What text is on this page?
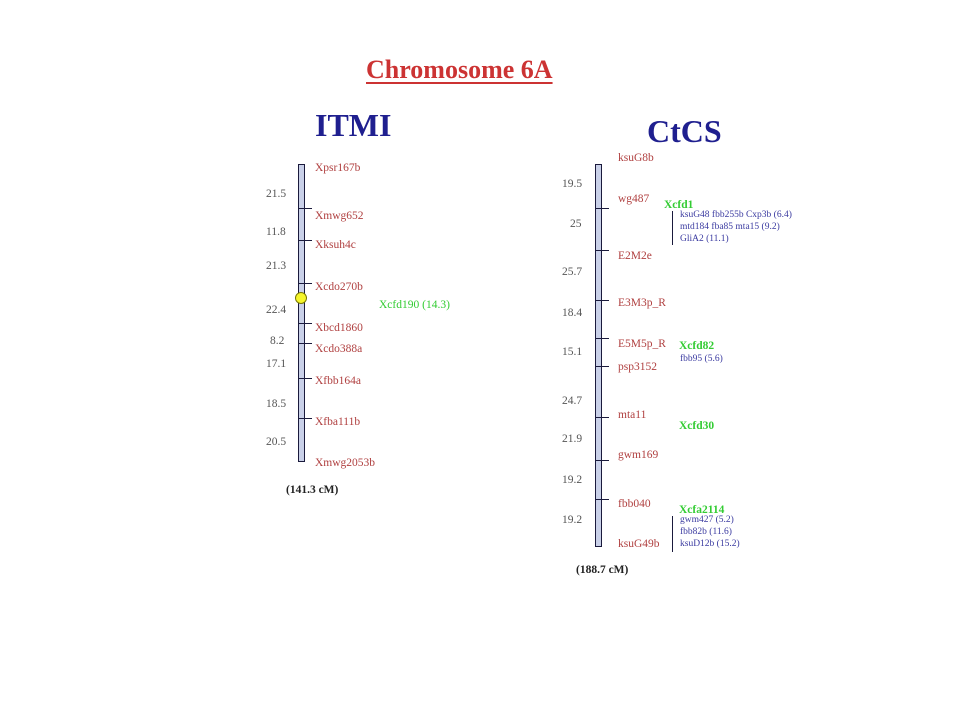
Chromosome 6A
ITMI
Xpsr167b
Xmwg652
Xksuh4c
Xcdo270b
Xbcd1860
Xcdo388a
Xfbb164a
Xfba111b
Xmwg2053b
21.5
11.8
21.3
22.4
8.2
17.1
18.5
20.5
Xcfd190 (14.3)
(141.3 cM)
CtCS
ksuG8b
wg487
E2M2e
E3M3p_R
E5M5p_R
psp3152
mta11
gwm169
fbb040
ksuG49b
19.5
25
25.7
18.4
15.1
24.7
21.9
19.2
19.2
Xcfd1
Xcfd82
Xcfd30
Xcfa2114
ksuG48 fbb255b Cxp3b (6.4)
mtd184 fba85 mta15 (9.2)
GliA2 (11.1)
fbb95 (5.6)
gwm427 (5.2)
fbb82b (11.6)
ksuD12b (15.2)
(188.7 cM)
